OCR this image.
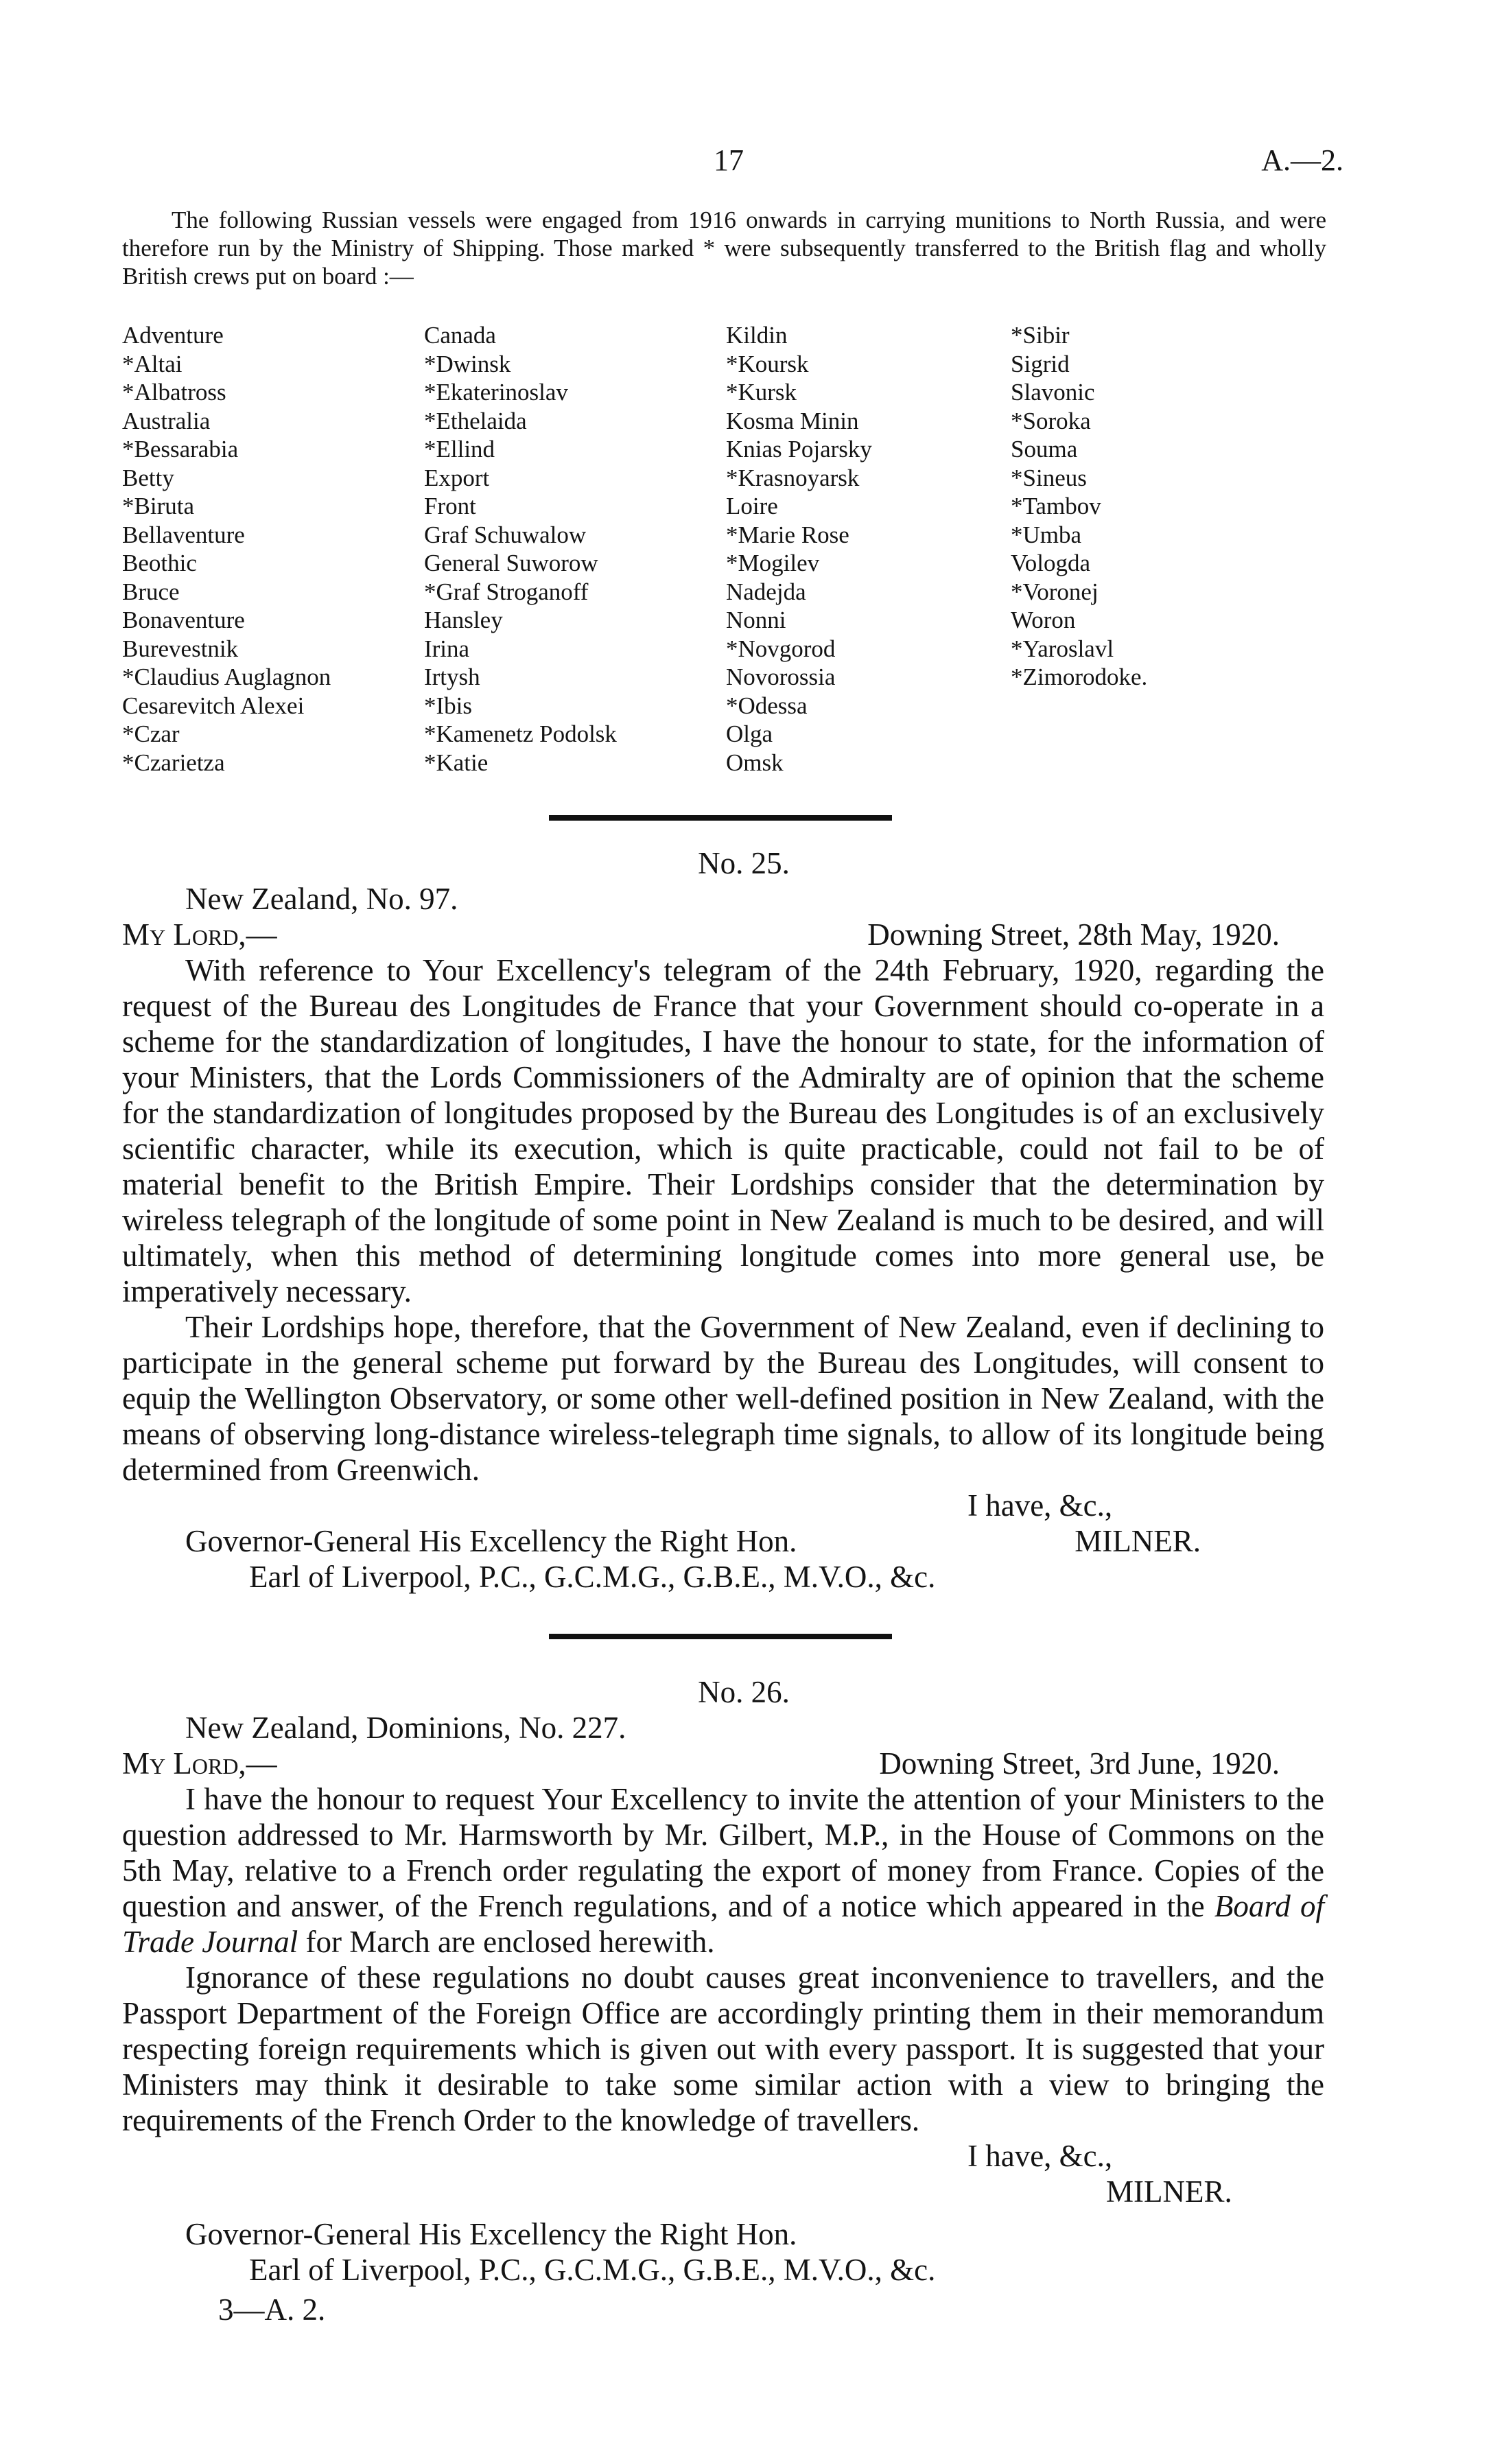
17	A.—2.

The following Russian vessels were engaged from 1916 onwards in carrying munitions to North Russia, and were therefore run by the Ministry of Shipping. Those marked * were subsequently transferred to the British flag and wholly British crews put on board :—

Adventure
*Altai
*Albatross
Australia
*Bessarabia
Betty
*Biruta
Bellaventure
Beothic
Bruce
Bonaventure
Burevestnik
*Claudius Auglagnon
Cesarevitch Alexei
*Czar
*Czarietza
Canada
*Dwinsk
*Ekaterinoslav
*Ethelaida
*Ellind
Export
Front
Graf Schuwalow
General Suworow
*Graf Stroganoff
Hansley
Irina
Irtysh
*Ibis
*Kamenetz Podolsk
*Katie
Kildin
*Koursk
*Kursk
Kosma Minin
Knias Pojarsky
*Krasnoyarsk
Loire
*Marie Rose
*Mogilev
Nadejda
Nonni
*Novgorod
Novorossia
*Odessa
Olga
Omsk
*Sibir
Sigrid
Slavonic
*Soroka
Souma
*Sineus
*Tambov
*Umba
Vologda
*Voronej
Woron
*Yaroslavl
*Zimorodoke.

No. 25.

New Zealand, No. 97.

My Lord,—	Downing Street, 28th May, 1920.

With reference to Your Excellency's telegram of the 24th February, 1920, regarding the request of the Bureau des Longitudes de France that your Government should co-operate in a scheme for the standardization of longitudes, I have the honour to state, for the information of your Ministers, that the Lords Commissioners of the Admiralty are of opinion that the scheme for the standardization of longitudes proposed by the Bureau des Longitudes is of an exclusively scientific character, while its execution, which is quite practicable, could not fail to be of material benefit to the British Empire. Their Lordships consider that the determination by wireless telegraph of the longitude of some point in New Zealand is much to be desired, and will ultimately, when this method of determining longitude comes into more general use, be imperatively necessary.

Their Lordships hope, therefore, that the Government of New Zealand, even if declining to participate in the general scheme put forward by the Bureau des Longitudes, will consent to equip the Wellington Observatory, or some other well-defined position in New Zealand, with the means of observing long-distance wireless-telegraph time signals, to allow of its longitude being determined from Greenwich.

I have, &c.,

Governor-General His Excellency the Right Hon.	MILNER.

Earl of Liverpool, P.C., G.C.M.G., G.B.E., M.V.O., &c.

No. 26.

New Zealand, Dominions, No. 227.

My Lord,—	Downing Street, 3rd June, 1920.

I have the honour to request Your Excellency to invite the attention of your Ministers to the question addressed to Mr. Harmsworth by Mr. Gilbert, M.P., in the House of Commons on the 5th May, relative to a French order regulating the export of money from France. Copies of the question and answer, of the French regulations, and of a notice which appeared in the Board of Trade Journal for March are enclosed herewith.

Ignorance of these regulations no doubt causes great inconvenience to travellers, and the Passport Department of the Foreign Office are accordingly printing them in their memorandum respecting foreign requirements which is given out with every passport. It is suggested that your Ministers may think it desirable to take some similar action with a view to bringing the requirements of the French Order to the knowledge of travellers.

I have, &c.,

MILNER.

Governor-General His Excellency the Right Hon.

Earl of Liverpool, P.C., G.C.M.G., G.B.E., M.V.O., &c.

3—A. 2.
